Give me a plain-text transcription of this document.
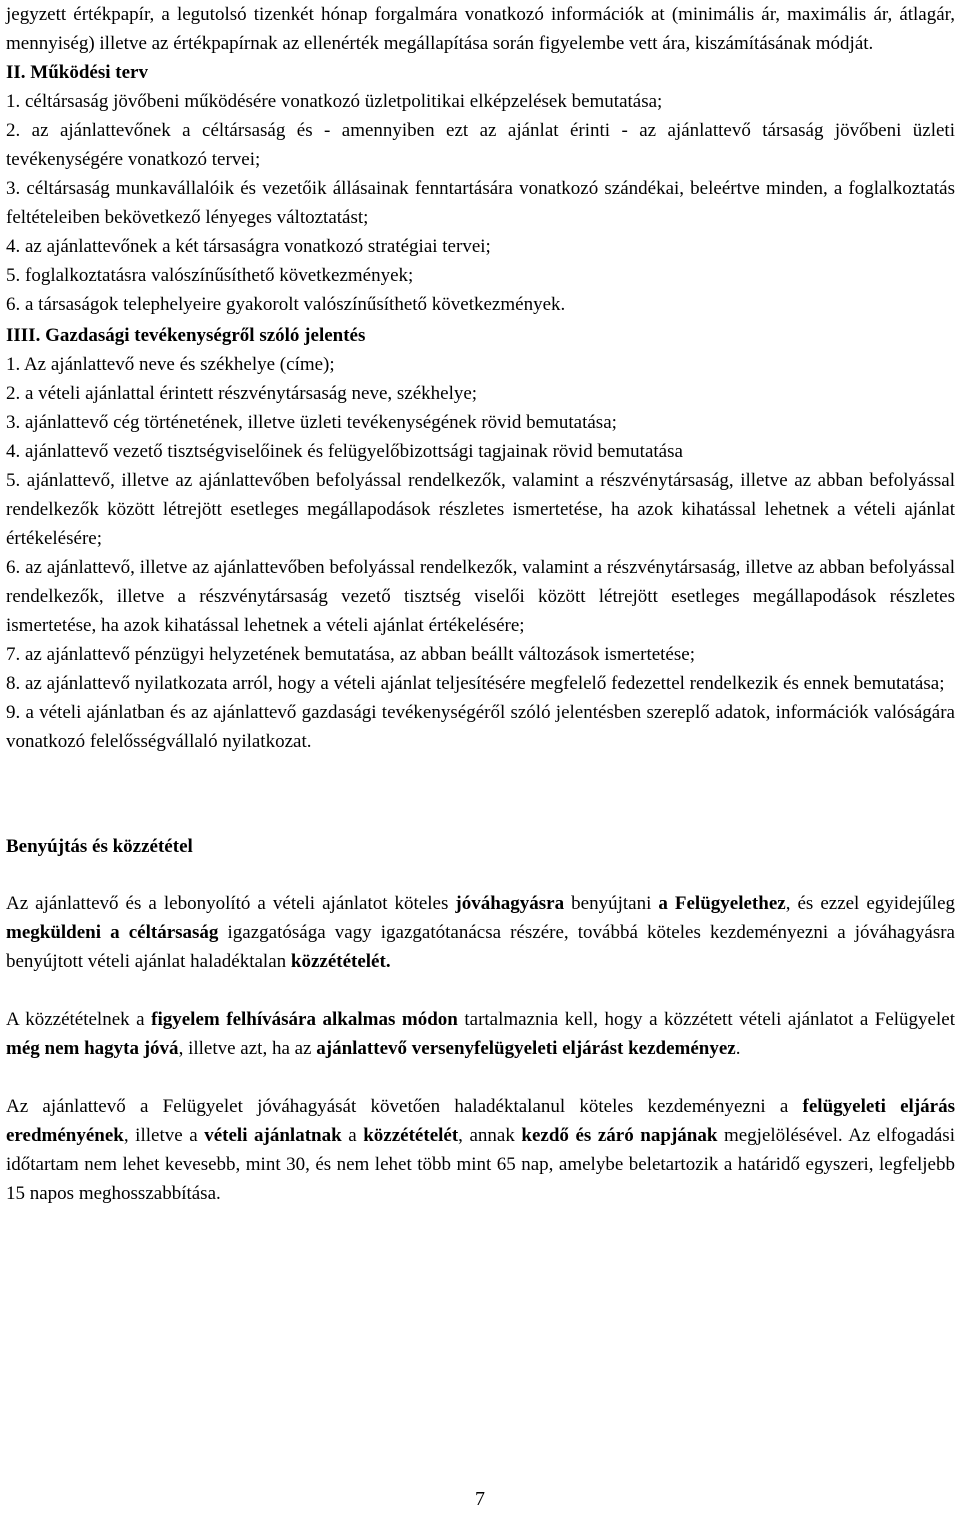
jegyzett értékpapír, a legutolsó tizenkét hónap forgalmára vonatkozó információk at (minimális ár, maximális ár, átlagár, mennyiség) illetve az értékpapírnak az ellenérték megállapítása során figyelembe vett ára, kiszámításának módját.

II. Működési terv

1. céltársaság jövőbeni működésére vonatkozó üzletpolitikai elképzelések bemutatása;

2. az ajánlattevőnek a céltársaság és - amennyiben ezt az ajánlat érinti - az ajánlattevő társaság jövőbeni üzleti tevékenységére vonatkozó tervei;

3. céltársaság munkavállalóik és vezetőik állásainak fenntartására vonatkozó szándékai, beleértve minden, a foglalkoztatás feltételeiben bekövetkező lényeges változtatást;

4. az ajánlattevőnek a két társaságra vonatkozó stratégiai tervei;

5. foglalkoztatásra valószínűsíthető következmények;

6. a társaságok telephelyeire gyakorolt valószínűsíthető következmények.

IIII. Gazdasági tevékenységről szóló jelentés

1. Az ajánlattevő neve és székhelye (címe);

2. a vételi ajánlattal érintett részvénytársaság neve, székhelye;

3. ajánlattevő cég történetének, illetve üzleti tevékenységének rövid bemutatása;

4. ajánlattevő vezető tisztségviselőinek és felügyelőbizottsági tagjainak rövid bemutatása

5. ajánlattevő, illetve az ajánlattevőben befolyással rendelkezők, valamint a részvénytársaság, illetve az abban befolyással rendelkezők között létrejött esetleges megállapodások részletes ismertetése, ha azok kihatással lehetnek a vételi ajánlat értékelésére;

6. az ajánlattevő, illetve az ajánlattevőben befolyással rendelkezők, valamint a részvénytársaság, illetve az abban befolyással rendelkezők, illetve a részvénytársaság vezető tisztség viselői között létrejött esetleges megállapodások részletes ismertetése, ha azok kihatással lehetnek a vételi ajánlat értékelésére;

7. az ajánlattevő pénzügyi helyzetének bemutatása, az abban beállt változások ismertetése;

8. az ajánlattevő nyilatkozata arról, hogy a vételi ajánlat teljesítésére megfelelő fedezettel rendelkezik és ennek bemutatása;

9. a vételi ajánlatban és az ajánlattevő gazdasági tevékenységéről szóló jelentésben szereplő adatok, információk valóságára vonatkozó felelősségvállaló nyilatkozat.

Benyújtás és közzététel

Az ajánlattevő és a lebonyolító a vételi ajánlatot köteles jóváhagyásra benyújtani a Felügyelethez, és ezzel egyidejűleg megküldeni a céltársaság igazgatósága vagy igazgatótanácsa részére, továbbá köteles kezdeményezni a jóváhagyásra benyújtott vételi ajánlat haladéktalan közzétételét.

A közzétételnek a figyelem felhívására alkalmas módon tartalmaznia kell, hogy a közzétett vételi ajánlatot a Felügyelet még nem hagyta jóvá, illetve azt, ha az ajánlattevő versenyfelügyeleti eljárást kezdeményez.

Az ajánlattevő a Felügyelet jóváhagyását követően haladéktalanul köteles kezdeményezni a felügyeleti eljárás eredményének, illetve a vételi ajánlatnak a közzétételét, annak kezdő és záró napjának megjelölésével. Az elfogadási időtartam nem lehet kevesebb, mint 30, és nem lehet több mint 65 nap, amelybe beletartozik a határidő egyszeri, legfeljebb 15 napos meghosszabbítása.

7
